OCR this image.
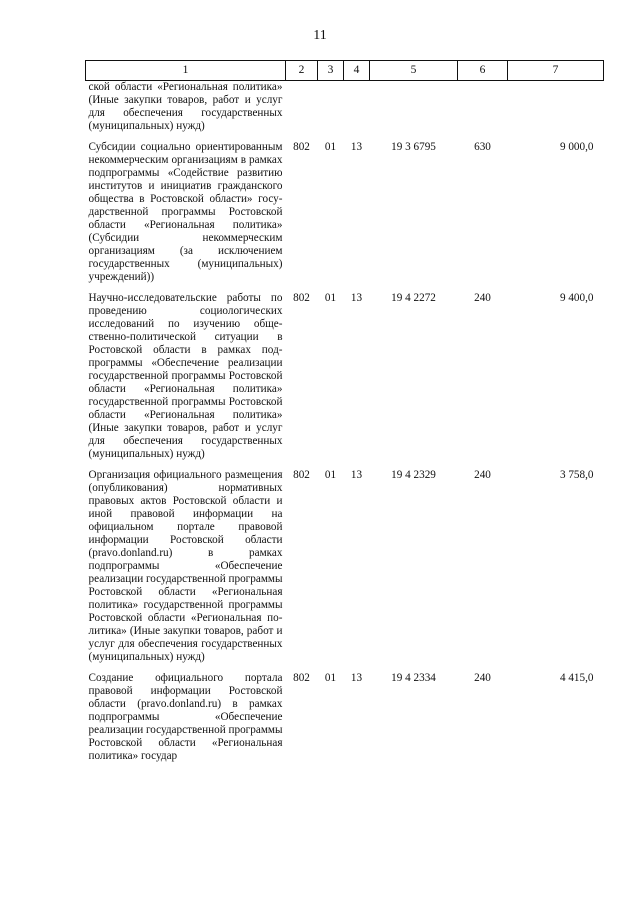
11
1	2	3	4	5	6	7
ской области «Региональная политика» (Иные закупки товаров, работ и услуг для обеспечения государственных (муниципальных) нужд)						
Субсидии социально ориентированным некоммерческим организациям в рамках подпрограммы «Содействие развитию институтов и инициатив гражданского общества в Ростовской области» государственной программы Ростовской области «Региональная политика» (Субсидии некоммерческим организациям (за исключением государственных (муниципальных) учреждений))	802	01	13	19 3 6795	630	9 000,0
Научно-исследовательские работы по проведению социологических исследований по изучению общественно-политической ситуации в Ростовской области в рамках подпрограммы «Обеспечение реализации государственной программы Ростовской области «Региональная политика» государственной программы Ростовской области «Региональная политика» (Иные закупки товаров, работ и услуг для обеспечения государственных (муниципальных) нужд)	802	01	13	19 4 2272	240	9 400,0
Организация официального размещения (опубликования) нормативных правовых актов Ростовской области и иной правовой информации на официальном портале правовой информации Ростовской области (pravo.donland.ru) в рамках подпрограммы «Обеспечение реализации государственной программы Ростовской области «Региональная политика» государственной программы Ростовской области «Региональная политика» (Иные закупки товаров, работ и услуг для обеспечения государственных (муниципальных) нужд)	802	01	13	19 4 2329	240	3 758,0
Создание официального портала правовой информации Ростовской области (pravo.donland.ru) в рамках подпрограммы «Обеспечение реализации государственной программы Ростовской области «Региональная политика» государ	802	01	13	19 4 2334	240	4 415,0
